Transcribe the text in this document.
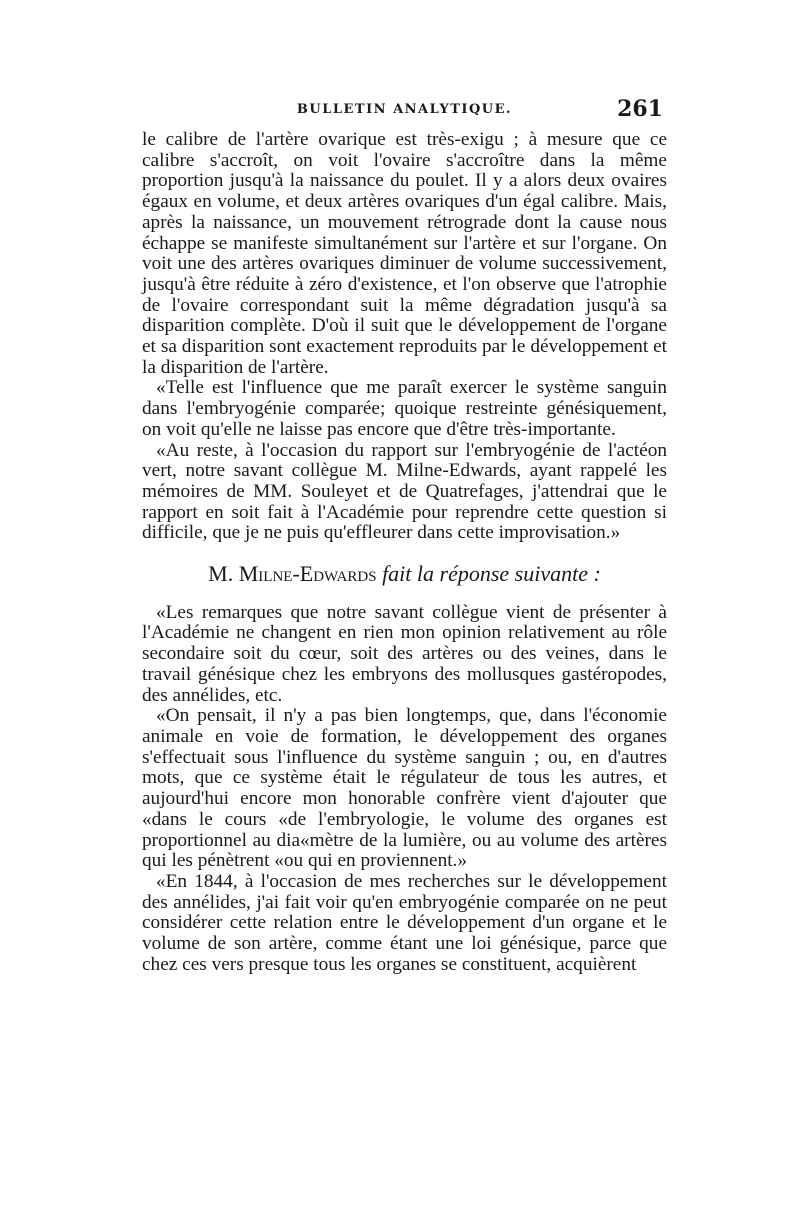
BULLETIN ANALYTIQUE.	261

le calibre de l'artère ovarique est très-exigu ; à mesure que ce calibre s'accroît, on voit l'ovaire s'accroître dans la même proportion jusqu'à la naissance du poulet. Il y a alors deux ovaires égaux en volume, et deux artères ovariques d'un égal calibre. Mais, après la naissance, un mouvement rétrograde dont la cause nous échappe se manifeste simultanément sur l'artère et sur l'organe. On voit une des artères ovariques diminuer de volume successivement, jusqu'à être réduite à zéro d'existence, et l'on observe que l'atrophie de l'ovaire correspondant suit la même dégradation jusqu'à sa disparition complète. D'où il suit que le développement de l'organe et sa disparition sont exactement reproduits par le développement et la disparition de l'artère.

«Telle est l'influence que me paraît exercer le système sanguin dans l'embryogénie comparée; quoique restreinte génésiquement, on voit qu'elle ne laisse pas encore que d'être très-importante.

«Au reste, à l'occasion du rapport sur l'embryogénie de l'actéon vert, notre savant collègue M. Milne-Edwards, ayant rappelé les mémoires de MM. Souleyet et de Quatrefages, j'attendrai que le rapport en soit fait à l'Académie pour reprendre cette question si difficile, que je ne puis qu'effleurer dans cette improvisation.»

M. Milne-Edwards fait la réponse suivante :

«Les remarques que notre savant collègue vient de présenter à l'Académie ne changent en rien mon opinion relativement au rôle secondaire soit du cœur, soit des artères ou des veines, dans le travail génésique chez les embryons des mollusques gastéropodes, des annélides, etc.

«On pensait, il n'y a pas bien longtemps, que, dans l'économie animale en voie de formation, le développement des organes s'effectuait sous l'influence du système sanguin ; ou, en d'autres mots, que ce système était le régulateur de tous les autres, et aujourd'hui encore mon honorable confrère vient d'ajouter que «dans le cours «de l'embryologie, le volume des organes est proportionnel au dia«mètre de la lumière, ou au volume des artères qui les pénètrent «ou qui en proviennent.»

«En 1844, à l'occasion de mes recherches sur le développement des annélides, j'ai fait voir qu'en embryogénie comparée on ne peut considérer cette relation entre le développement d'un organe et le volume de son artère, comme étant une loi génésique, parce que chez ces vers presque tous les organes se constituent, acquièrent
